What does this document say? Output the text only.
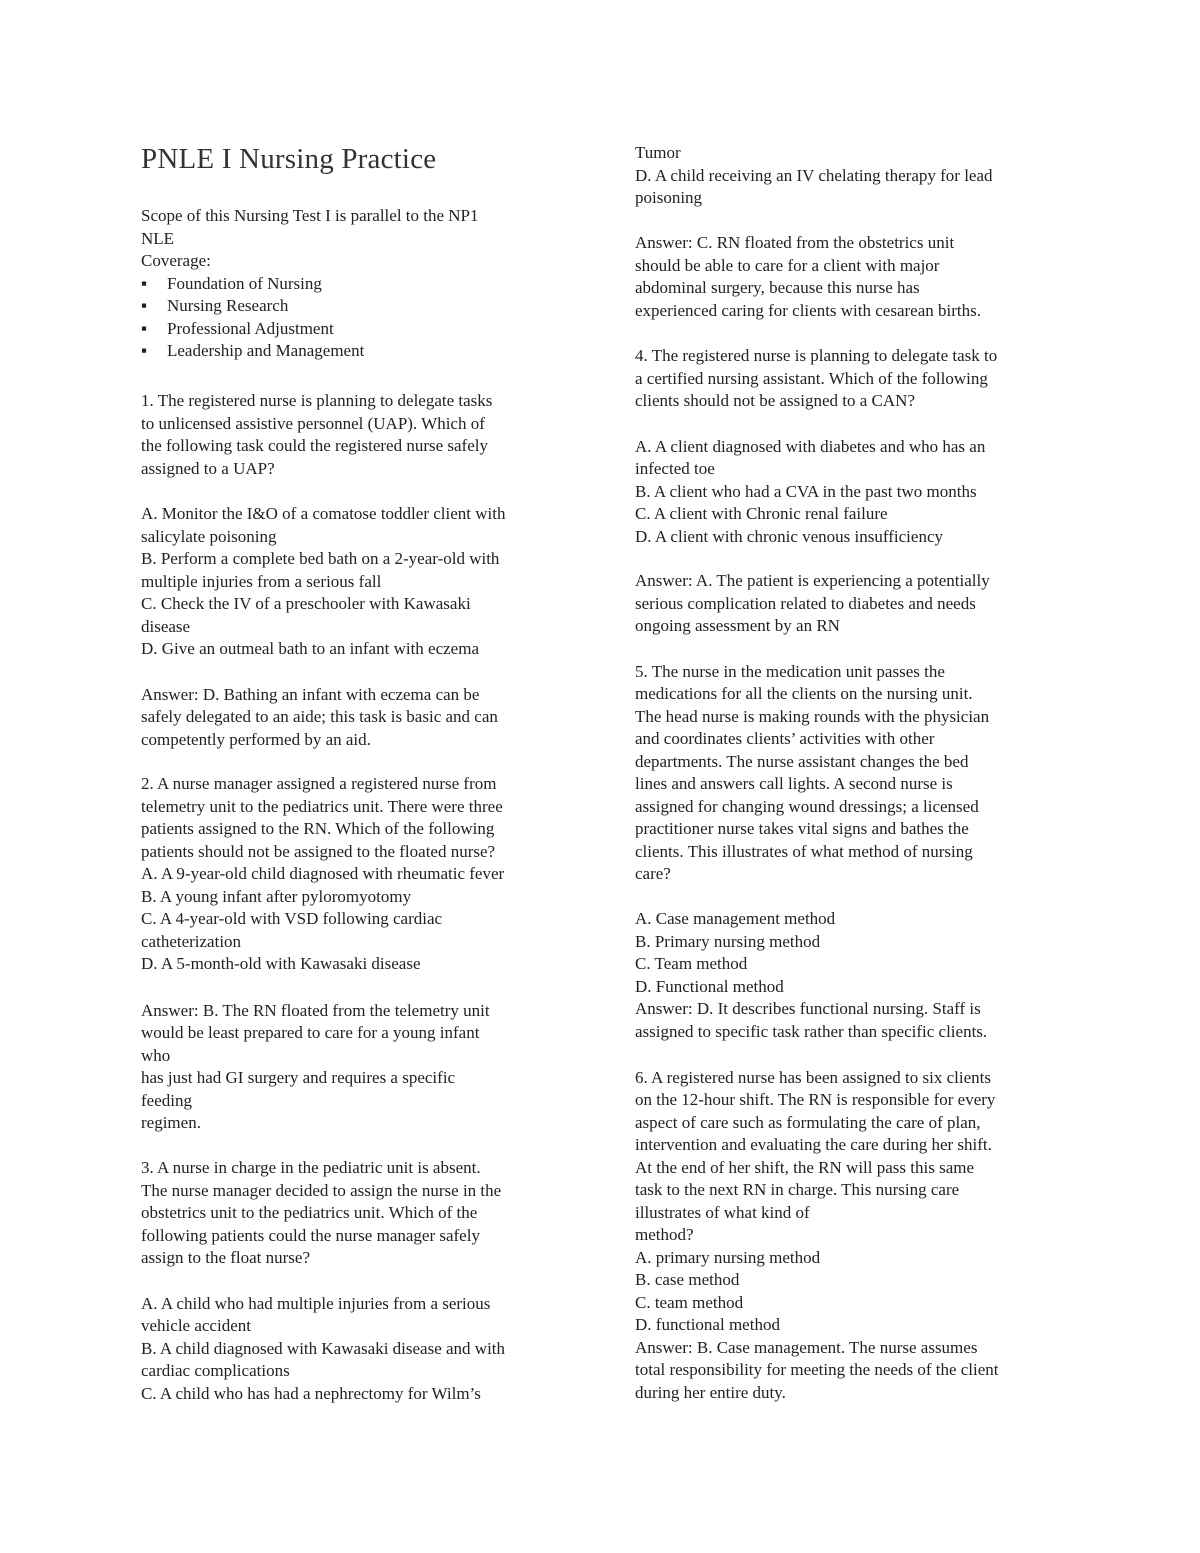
PNLE I Nursing Practice
Scope of this Nursing Test I is parallel to the NP1
NLE
Coverage:
▪ Foundation of Nursing
▪ Nursing Research
▪ Professional Adjustment
▪ Leadership and Management
1. The registered nurse is planning to delegate tasks
to unlicensed assistive personnel (UAP). Which of
the following task could the registered nurse safely
assigned to a UAP?
A. Monitor the I&O of a comatose toddler client with
salicylate poisoning
B. Perform a complete bed bath on a 2-year-old with
multiple injuries from a serious fall
C. Check the IV of a preschooler with Kawasaki
disease
D. Give an outmeal bath to an infant with eczema
Answer: D. Bathing an infant with eczema can be
safely delegated to an aide; this task is basic and can
competently performed by an aid.
2. A nurse manager assigned a registered nurse from
telemetry unit to the pediatrics unit. There were three
patients assigned to the RN. Which of the following
patients should not be assigned to the floated nurse?
A. A 9-year-old child diagnosed with rheumatic fever
B. A young infant after pyloromyotomy
C. A 4-year-old with VSD following cardiac
catheterization
D. A 5-month-old with Kawasaki disease
Answer: B. The RN floated from the telemetry unit
would be least prepared to care for a young infant
who
has just had GI surgery and requires a specific
feeding
regimen.
3. A nurse in charge in the pediatric unit is absent.
The nurse manager decided to assign the nurse in the
obstetrics unit to the pediatrics unit. Which of the
following patients could the nurse manager safely
assign to the float nurse?
A. A child who had multiple injuries from a serious
vehicle accident
B. A child diagnosed with Kawasaki disease and with
cardiac complications
C. A child who has had a nephrectomy for Wilm’s
Tumor
D. A child receiving an IV chelating therapy for lead
poisoning
Answer: C. RN floated from the obstetrics unit
should be able to care for a client with major
abdominal surgery, because this nurse has
experienced caring for clients with cesarean births.
4. The registered nurse is planning to delegate task to
a certified nursing assistant. Which of the following
clients should not be assigned to a CAN?
A. A client diagnosed with diabetes and who has an
infected toe
B. A client who had a CVA in the past two months
C. A client with Chronic renal failure
D. A client with chronic venous insufficiency
Answer: A. The patient is experiencing a potentially
serious complication related to diabetes and needs
ongoing assessment by an RN
5. The nurse in the medication unit passes the
medications for all the clients on the nursing unit.
The head nurse is making rounds with the physician
and coordinates clients’ activities with other
departments. The nurse assistant changes the bed
lines and answers call lights. A second nurse is
assigned for changing wound dressings; a licensed
practitioner nurse takes vital signs and bathes the
clients. This illustrates of what method of nursing
care?
A. Case management method
B. Primary nursing method
C. Team method
D. Functional method
Answer: D. It describes functional nursing. Staff is
assigned to specific task rather than specific clients.
6. A registered nurse has been assigned to six clients
on the 12-hour shift. The RN is responsible for every
aspect of care such as formulating the care of plan,
intervention and evaluating the care during her shift.
At the end of her shift, the RN will pass this same
task to the next RN in charge. This nursing care
illustrates of what kind of
method?
A. primary nursing method
B. case method
C. team method
D. functional method
Answer: B. Case management. The nurse assumes
total responsibility for meeting the needs of the client
during her entire duty.
